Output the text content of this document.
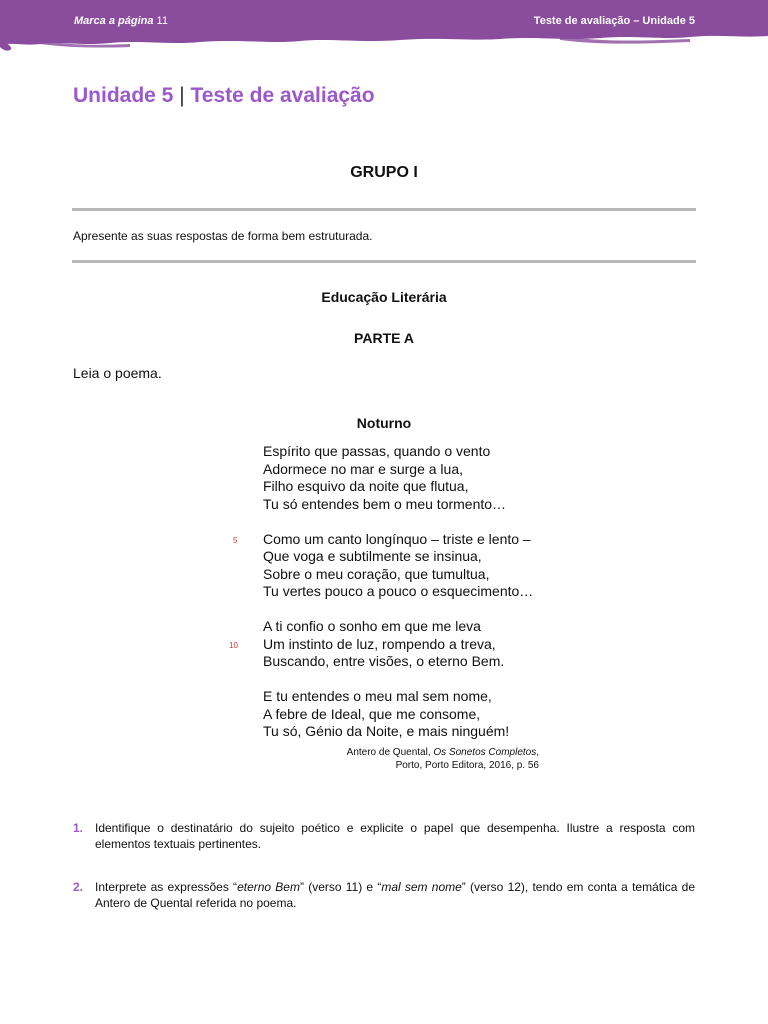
Marca a página 11	Teste de avaliação – Unidade 5
Unidade 5 | Teste de avaliação
GRUPO I
Apresente as suas respostas de forma bem estruturada.
Educação Literária
PARTE A
Leia o poema.
Noturno
5
10
Espírito que passas, quando o vento
Adormece no mar e surge a lua,
Filho esquivo da noite que flutua,
Tu só entendes bem o meu tormento…
Como um canto longínquo – triste e lento –
Que voga e subtilmente se insinua,
Sobre o meu coração, que tumultua,
Tu vertes pouco a pouco o esquecimento…
A ti confio o sonho em que me leva
Um instinto de luz, rompendo a treva,
Buscando, entre visões, o eterno Bem.
E tu entendes o meu mal sem nome,
A febre de Ideal, que me consome,
Tu só, Génio da Noite, e mais ninguém!
Antero de Quental, Os Sonetos Completos,
Porto, Porto Editora, 2016, p. 56
1. Identifique o destinatário do sujeito poético e explicite o papel que desempenha. Ilustre a resposta com elementos textuais pertinentes.
2. Interprete as expressões “eterno Bem” (verso 11) e “mal sem nome” (verso 12), tendo em conta a temática de Antero de Quental referida no poema.
